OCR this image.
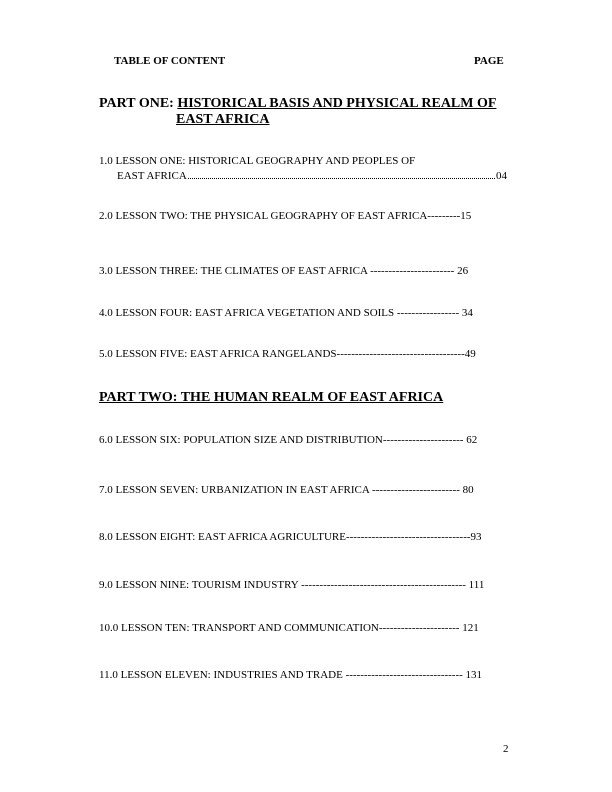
TABLE OF CONTENT	PAGE
PART ONE: HISTORICAL BASIS AND PHYSICAL REALM OF
EAST AFRICA
1.0 LESSON ONE: HISTORICAL GEOGRAPHY AND PEOPLES OF
EAST AFRICA	04
2.0 LESSON TWO: THE PHYSICAL GEOGRAPHY OF EAST AFRICA---------15
3.0 LESSON THREE: THE CLIMATES OF EAST AFRICA ----------------------- 26
4.0 LESSON FOUR: EAST AFRICA VEGETATION AND SOILS ----------------- 34
5.0 LESSON FIVE: EAST AFRICA RANGELANDS-----------------------------------49
PART TWO: THE HUMAN REALM OF EAST AFRICA
6.0 LESSON SIX: POPULATION SIZE AND DISTRIBUTION---------------------- 62
7.0 LESSON SEVEN: URBANIZATION IN EAST AFRICA ------------------------ 80
8.0 LESSON EIGHT: EAST AFRICA AGRICULTURE----------------------------------93
9.0 LESSON NINE: TOURISM INDUSTRY --------------------------------------------- 111
10.0 LESSON TEN: TRANSPORT AND COMMUNICATION---------------------- 121
11.0 LESSON ELEVEN: INDUSTRIES AND TRADE -------------------------------- 131
2
